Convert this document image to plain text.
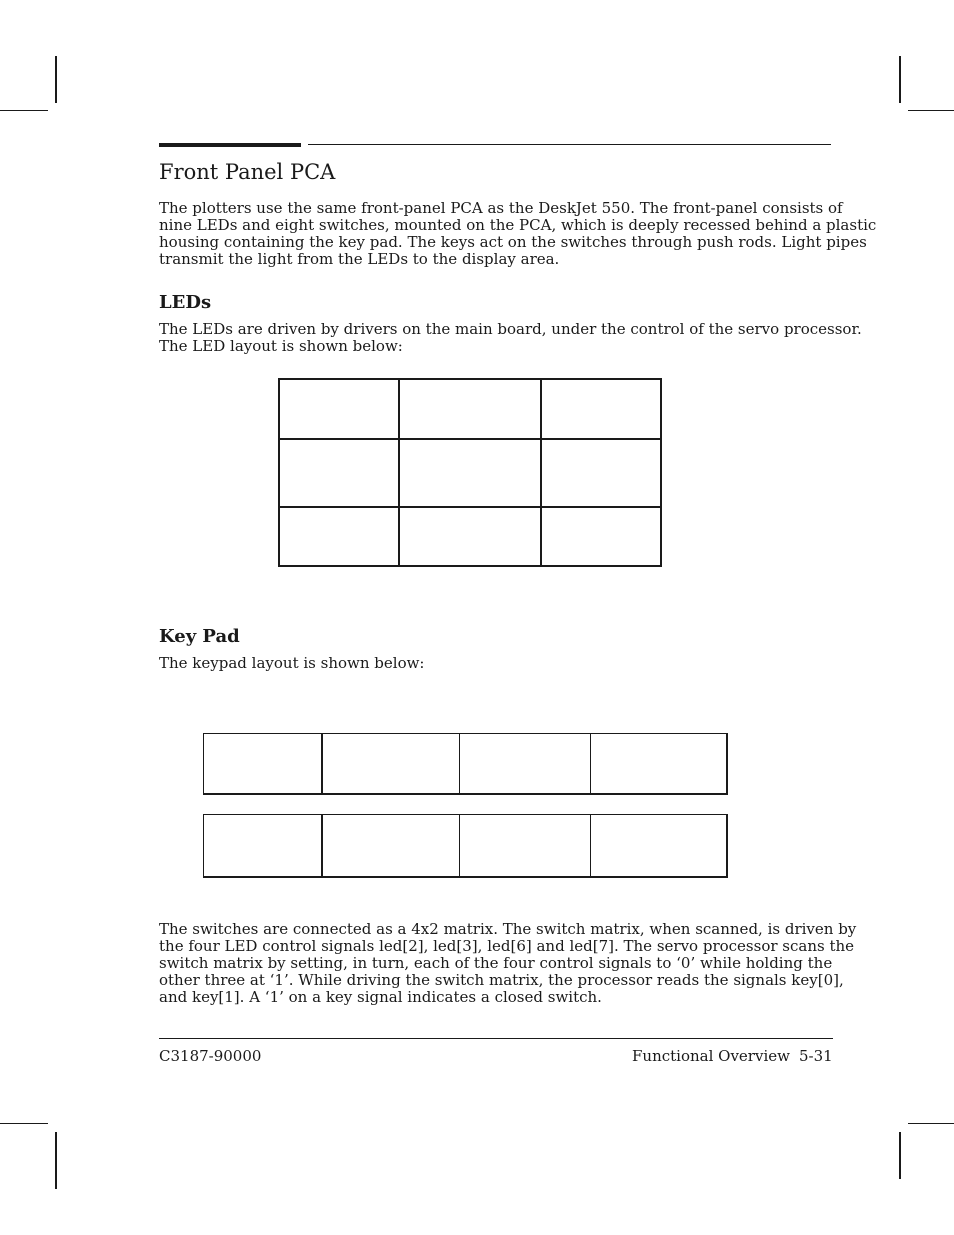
Front Panel PCA
The plotters use the same front-panel PCA as the DeskJet 550. The front-panel consists of
nine LEDs and eight switches, mounted on the PCA, which is deeply recessed behind a plastic
housing containing the key pad. The keys act on the switches through push rods. Light pipes
transmit the light from the LEDs to the display area.
LEDs
The LEDs are driven by drivers on the main board, under the control of the servo processor.
The LED layout is shown below:
Key Pad
The keypad layout is shown below:
The switches are connected as a 4x2 matrix. The switch matrix, when scanned, is driven by
the four LED control signals led[2], led[3], led[6] and led[7]. The servo processor scans the
switch matrix by setting, in turn, each of the four control signals to ‘0’ while holding the
other three at ‘1’. While driving the switch matrix, the processor reads the signals key[0],
and key[1]. A ‘1’ on a key signal indicates a closed switch.
C3187-90000	Functional Overview 5-31
